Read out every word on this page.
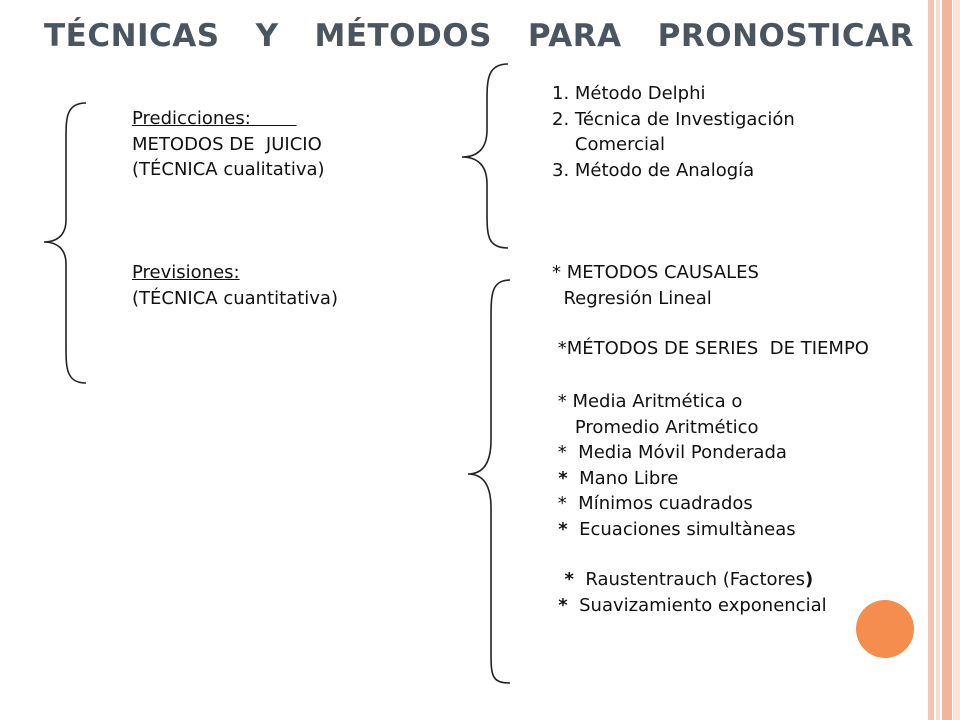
TÉCNICAS Y MÉTODOS PARA PRONOSTICAR
Predicciones:
METODOS DE  JUICIO
(TÉCNICA cualitativa)
Previsiones:
(TÉCNICA cuantitativa)
1. Método Delphi
2. Técnica de Investigación
Comercial
3. Método de Analogía
* METODOS CAUSALES
Regresión Lineal
*MÉTODOS DE SERIES  DE TIEMPO
* Media Aritmética o
Promedio Aritmético
*  Media Móvil Ponderada
*  Mano Libre
*  Mínimos cuadrados
*  Ecuaciones simultàneas
*  Raustentrauch (Factores)
*  Suavizamiento exponencial
